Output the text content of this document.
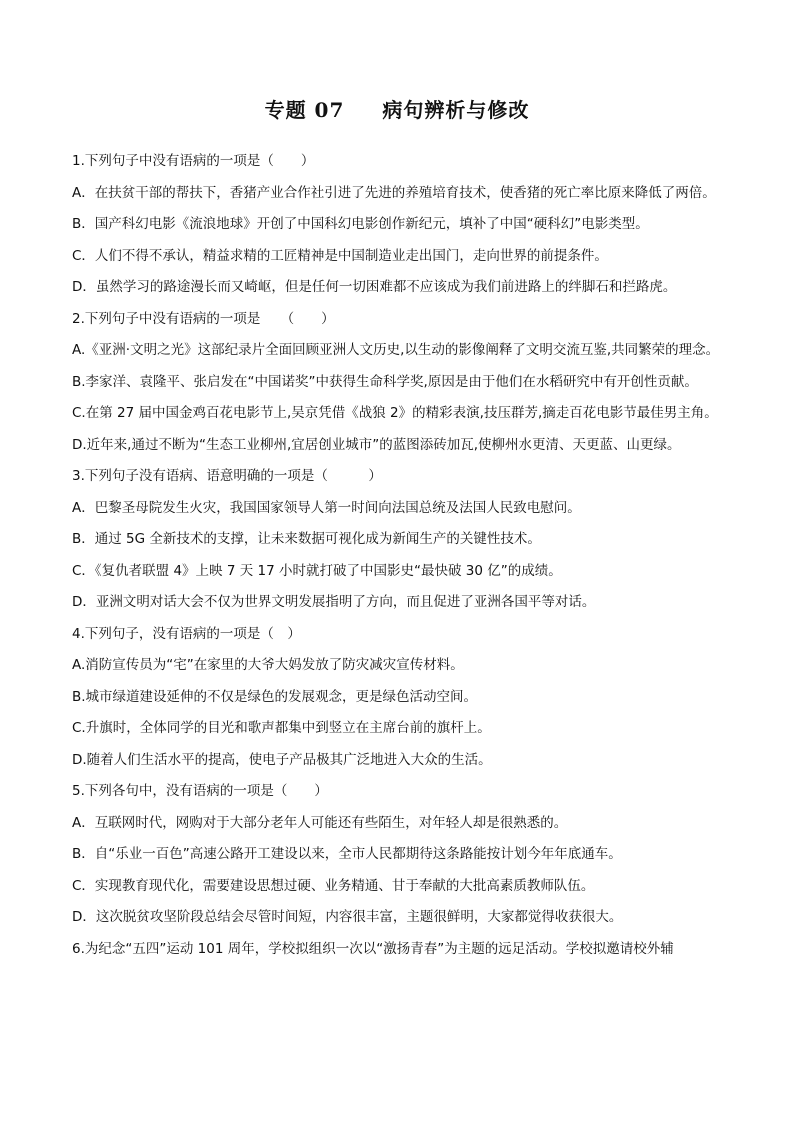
专题 07 病句辨析与修改
1.下列句子中没有语病的一项是（　　）
A．在扶贫干部的帮扶下，香猪产业合作社引进了先进的养殖培育技术，使香猪的死亡率比原来降低了两倍。
B．国产科幻电影《流浪地球》开创了中国科幻电影创作新纪元，填补了中国“硬科幻”电影类型。
C．人们不得不承认，精益求精的工匠精神是中国制造业走出国门，走向世界的前提条件。
D．虽然学习的路途漫长而又崎岖，但是任何一切困难都不应该成为我们前进路上的绊脚石和拦路虎。
2.下列句子中没有语病的一项是　　（　　）
A.《亚洲·文明之光》这部纪录片全面回顾亚洲人文历史,以生动的影像阐释了文明交流互鉴,共同繁荣的理念。
B.李家洋、袁隆平、张启发在“中国诺奖”中获得生命科学奖,原因是由于他们在水稻研究中有开创性贡献。
C.在第 27 届中国金鸡百花电影节上,吴京凭借《战狼 2》的精彩表演,技压群芳,摘走百花电影节最佳男主角。
D.近年来,通过不断为“生态工业柳州,宜居创业城市”的蓝图添砖加瓦,使柳州水更清、天更蓝、山更绿。
3.下列句子没有语病、语意明确的一项是（　　　）
A．巴黎圣母院发生火灾，我国国家领导人第一时间向法国总统及法国人民致电慰问。
B．通过 5G 全新技术的支撑，让未来数据可视化成为新闻生产的关键性技术。
C．《复仇者联盟 4》上映 7 天 17 小时就打破了中国影史“最快破 30 亿”的成绩。
D．亚洲文明对话大会不仅为世界文明发展指明了方向，而且促进了亚洲各国平等对话。
4.下列句子，没有语病的一项是（　）
A.消防宣传员为“宅”在家里的大爷大妈发放了防灾减灾宣传材料。
B.城市绿道建设延伸的不仅是绿色的发展观念，更是绿色活动空间。
C.升旗时，全体同学的目光和歌声都集中到竖立在主席台前的旗杆上。
D.随着人们生活水平的提高，使电子产品极其广泛地进入大众的生活。
5.下列各句中，没有语病的一项是（　　）
A．互联网时代，网购对于大部分老年人可能还有些陌生，对年轻人却是很熟悉的。
B．自“乐业一百色”高速公路开工建设以来，全市人民都期待这条路能按计划今年年底通车。
C．实现教育现代化，需要建设思想过硬、业务精通、甘于奉献的大批高素质教师队伍。
D．这次脱贫攻坚阶段总结会尽管时间短，内容很丰富，主题很鲜明，大家都觉得收获很大。
6.为纪念“五四”运动 101 周年，学校拟组织一次以“激扬青春”为主题的远足活动。学校拟邀请校外辅
